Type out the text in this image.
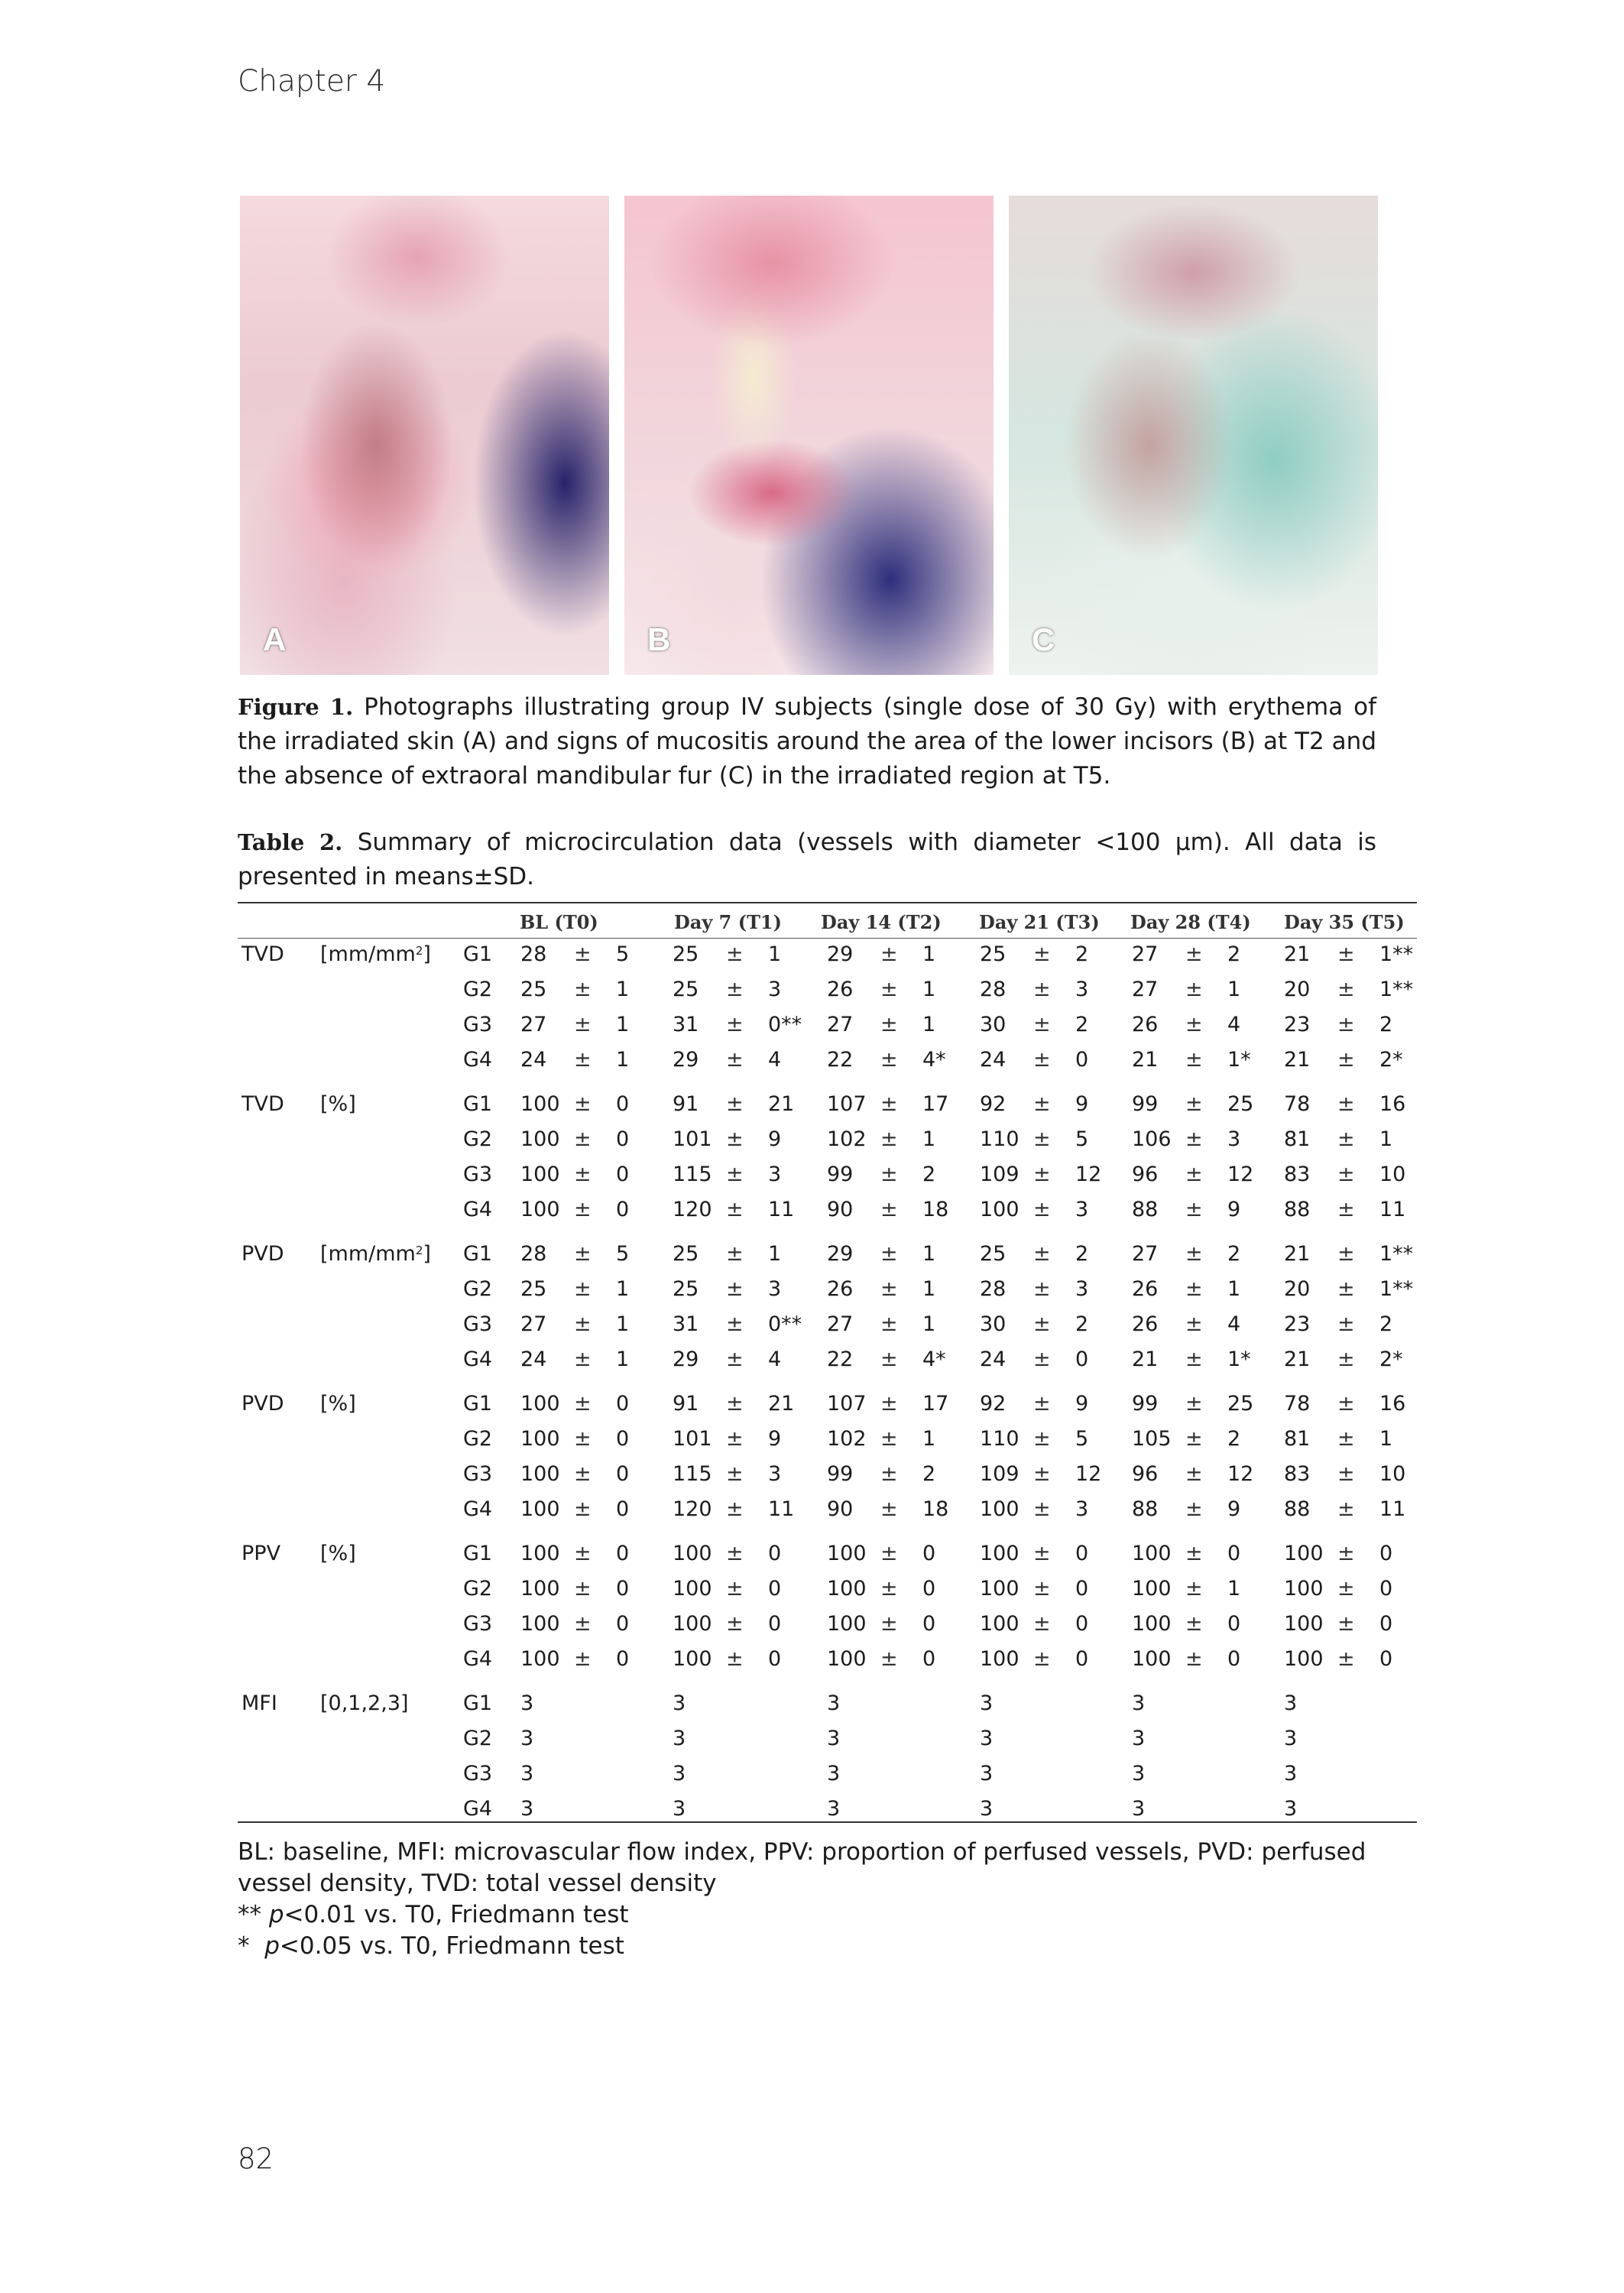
Chapter 4
A	B	C
Figure 1. Photographs illustrating group IV subjects (single dose of 30 Gy) with erythema of the irradiated skin (A) and signs of mucositis around the area of the lower incisors (B) at T2 and the absence of extraoral mandibular fur (C) in the irradiated region at T5.
Table 2. Summary of microcirculation data (vessels with diameter <100 µm). All data is presented in means±SD.
BL (T0)	Day 7 (T1) Day 14 (T2) Day 21 (T3) Day 28 (T4) Day 35 (T5)
TVD $[mm/mm^2]$ G1 28 ± 5 25 ± 1 29 ± 1 25 ± 2 27 ± 2 21 ± 1**
G2 25 ± 1 25 ± 3 26 ± 1 28 ± 3 27 ± 1 20 ± 1**
G3 27 ± 1 31 ± 0** 27 ± 1 30 ± 2 26 ± 4 23 ± 2
G4 24 ± 1 29 ± 4 22 ± 4* 24 ± 0 21 ± 1* 21 ± 2*
TVD [%]	G1 100 ± 0 91 ± 21 107 ± 17 92 ± 9 99 ± 25 78 ± 16
G2 100 ± 0 101 ± 9 102 ± 1 110 ± 5 106 ± 3 81 ± 1
G3 100 ± 0 115 ± 3 99 ± 2 109 ± 12 96 ± 12 83 ± 10
G4 100 ± 0 120 ± 11 90 ± 18 100 ± 3 88 ± 9 88 ± 11
PVD $[mm/mm^2]$ G1 28 ± 5 25 ± 1 29 ± 1 25 ± 2 27 ± 2 21 ± 1**
G2 25 ± 1 25 ± 3 26 ± 1 28 ± 3 26 ± 1 20 ± 1**
G3 27 ± 1 31 ± 0** 27 ± 1 30 ± 2 26 ± 4 23 ± 2
G4 24 ± 1 29 ± 4 22 ± 4* 24 ± 0 21 ± 1* 21 ± 2*
PVD [%]	G1 100 ± 0 91 ± 21 107 ± 17 92 ± 9 99 ± 25 78 ± 16
G2 100 ± 0 101 ± 9 102 ± 1 110 ± 5 105 ± 2 81 ± 1
G3 100 ± 0 115 ± 3 99 ± 2 109 ± 12 96 ± 12 83 ± 10
G4 100 ± 0 120 ± 11 90 ± 18 100 ± 3 88 ± 9 88 ± 11
PPV [%]	G1 100 ± 0 100 ± 0 100 ± 0 100 ± 0 100 ± 0 100 ± 0
G2 100 ± 0 100 ± 0 100 ± 0 100 ± 0 100 ± 1 100 ± 0
G3 100 ± 0 100 ± 0 100 ± 0 100 ± 0 100 ± 0 100 ± 0
G4 100 ± 0 100 ± 0 100 ± 0 100 ± 0 100 ± 0 100 ± 0
MFI [0,1,2,3]	G1 3	3	3	3	3	3
G2 3	3	3	3	3	3
G3 3	3	3	3	3	3
G4 3	3	3	3	3	3
BL: baseline, MFI: microvascular flow index, PPV: proportion of perfused vessels, PVD: perfused vessel density, TVD: total vessel density
** p<0.01 vs. T0, Friedmann test
* p<0.05 vs. T0, Friedmann test
82
